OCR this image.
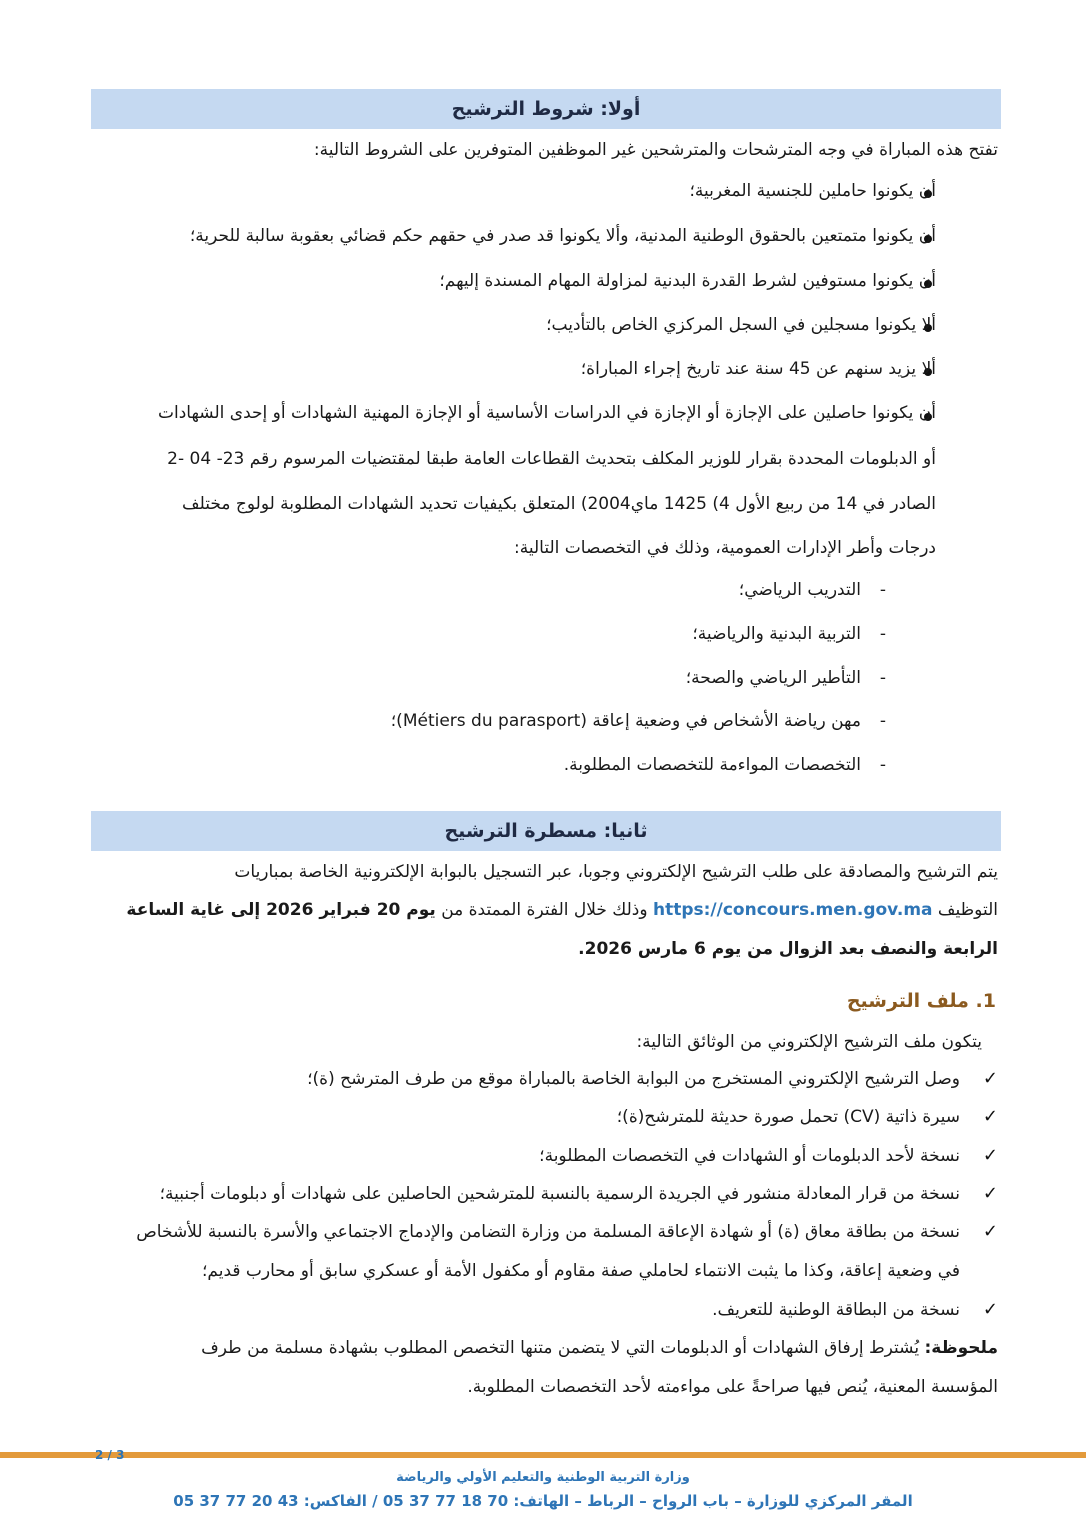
أولا: شروط الترشيح
تفتح هذه المباراة في وجه المترشحات والمترشحين غير الموظفين المتوفرين على الشروط التالية:
أن يكونوا حاملين للجنسية المغربية؛
أن يكونوا متمتعين بالحقوق الوطنية المدنية، وألا يكونوا قد صدر في حقهم حكم قضائي بعقوبة سالبة للحرية؛
أن يكونوا مستوفين لشرط القدرة البدنية لمزاولة المهام المسندة إليهم؛
ألا يكونوا مسجلين في السجل المركزي الخاص بالتأديب؛
ألا يزيد سنهم عن 45 سنة عند تاريخ إجراء المباراة؛
أن يكونوا حاصلين على الإجازة أو الإجازة في الدراسات الأساسية أو الإجازة المهنية الشهادات أو إحدى الشهادات
أو الدبلومات المحددة بقرار للوزير المكلف بتحديث القطاعات العامة طبقا لمقتضيات المرسوم رقم 23- 04 -2
الصادر في 14 من ربيع الأول 4) 1425 ماي2004) المتعلق بكيفيات تحديد الشهادات المطلوبة لولوج مختلف
درجات وأطر الإدارات العمومية، وذلك في التخصصات التالية:
-
التدريب الرياضي؛
-
التربية البدنية والرياضية؛
-
التأطير الرياضي والصحة؛
-
مهن رياضة الأشخاص في وضعية إعاقة (Métiers du parasport)؛
-
التخصصات المواءمة للتخصصات المطلوبة.
ثانيا: مسطرة الترشيح
يتم الترشيح والمصادقة على طلب الترشيح الإلكتروني وجوبا، عبر التسجيل بالبوابة الإلكترونية الخاصة بمباريات
التوظيف https://concours.men.gov.ma وذلك خلال الفترة الممتدة من يوم 20 فبراير 2026 إلى غاية الساعة
الرابعة والنصف بعد الزوال من يوم 6 مارس 2026.
1. ملف الترشيح
يتكون ملف الترشيح الإلكتروني من الوثائق التالية:
✓
وصل الترشيح الإلكتروني المستخرج من البوابة الخاصة بالمباراة موقع من طرف المترشح (ة)؛
✓
سيرة ذاتية (CV) تحمل صورة حديثة للمترشح(ة)؛
✓
نسخة لأحد الدبلومات أو الشهادات في التخصصات المطلوبة؛
✓
نسخة من قرار المعادلة منشور في الجريدة الرسمية بالنسبة للمترشحين الحاصلين على شهادات أو دبلومات أجنبية؛
✓
نسخة من بطاقة معاق (ة) أو شهادة الإعاقة المسلمة من وزارة التضامن والإدماج الاجتماعي والأسرة بالنسبة للأشخاص
في وضعية إعاقة، وكذا ما يثبت الانتماء لحاملي صفة مقاوم أو مكفول الأمة أو عسكري سابق أو محارب قديم؛
✓
نسخة من البطاقة الوطنية للتعريف.
ملحوظة: يُشترط إرفاق الشهادات أو الدبلومات التي لا يتضمن متنها التخصص المطلوب بشهادة مسلمة من طرف
المؤسسة المعنية، يُنص فيها صراحةً على مواءمته لأحد التخصصات المطلوبة.
2 / 3
وزارة التربية الوطنية والتعليم الأولي والرياضة
المقر المركزي للوزارة – باب الرواح – الرباط – الهاتف: 70 18 77 37 05 / الفاكس: 43 20 77 37 05
